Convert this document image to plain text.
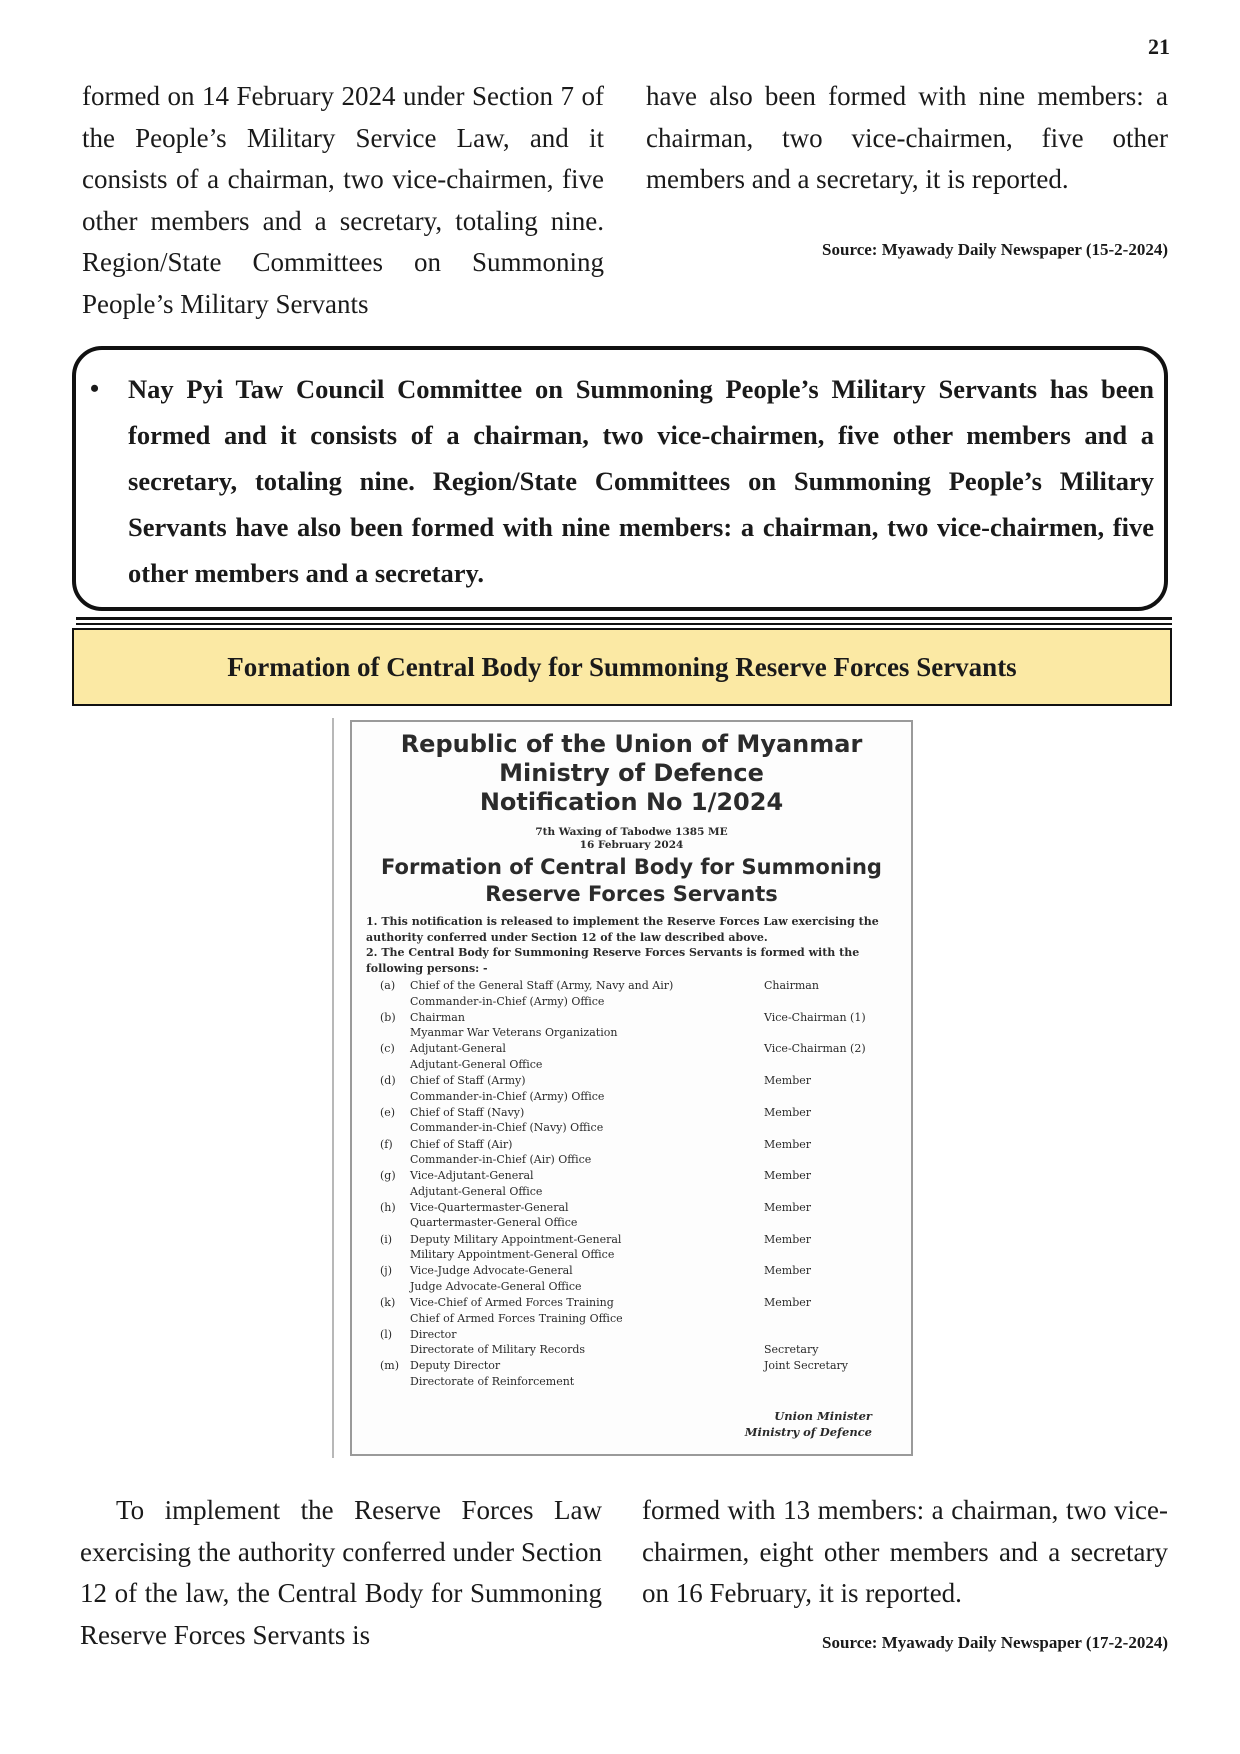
21

formed on 14 February 2024 under Section 7 of the People’s Military Service Law, and it consists of a chairman, two vice-chairmen, five other members and a secretary, totaling nine. Region/State Committees on Summoning People’s Military Servants

have also been formed with nine members: a chairman, two vice-chairmen, five other members and a secretary, it is reported.

Source: Myawady Daily Newspaper (15-2-2024)
• Nay Pyi Taw Council Committee on Summoning People’s Military Servants has been formed and it consists of a chairman, two vice-chairmen, five other members and a secretary, totaling nine. Region/State Committees on Summoning People’s Military Servants have also been formed with nine members: a chairman, two vice-chairmen, five other members and a secretary.

Formation of Central Body for Summoning Reserve Forces Servants
Republic of the Union of Myanmar
Ministry of Defence
Notification No 1/2024
7th Waxing of Tabodwe 1385 ME
16 February 2024
Formation of Central Body for Summoning
Reserve Forces Servants

1. This notification is released to implement the Reserve Forces Law exercising the authority conferred under Section 12 of the law described above.

2. The Central Body for Summoning Reserve Forces Servants is formed with the following persons: -

(a) Chief of the General Staff (Army, Navy and Air)
Commander-in-Chief (Army) Office
Chairman
(b) Chairman
Myanmar War Veterans Organization
Vice-Chairman (1)
(c) Adjutant-General
Adjutant-General Office
Vice-Chairman (2)
(d) Chief of Staff (Army)
Commander-in-Chief (Army) Office
Member
(e) Chief of Staff (Navy)
Commander-in-Chief (Navy) Office
Member
(f) Chief of Staff (Air)
Commander-in-Chief (Air) Office
Member
(g) Vice-Adjutant-General
Adjutant-General Office
Member
(h) Vice-Quartermaster-General
Quartermaster-General Office
Member
(i) Deputy Military Appointment-General
Military Appointment-General Office
Member
(j) Vice-Judge Advocate-General
Judge Advocate-General Office
Member
(k) Vice-Chief of Armed Forces Training
Chief of Armed Forces Training Office
Member
(l) Director
Directorate of Military Records	Secretary
(m) Deputy Director
Directorate of Reinforcement
Joint Secretary
Union Minister
Ministry of Defence

To implement the Reserve Forces Law exercising the authority conferred under Section 12 of the law, the Central Body for Summoning Reserve Forces Servants is

formed with 13 members: a chairman, two vice-chairmen, eight other members and a secretary on 16 February, it is reported.

Source: Myawady Daily Newspaper (17-2-2024)
